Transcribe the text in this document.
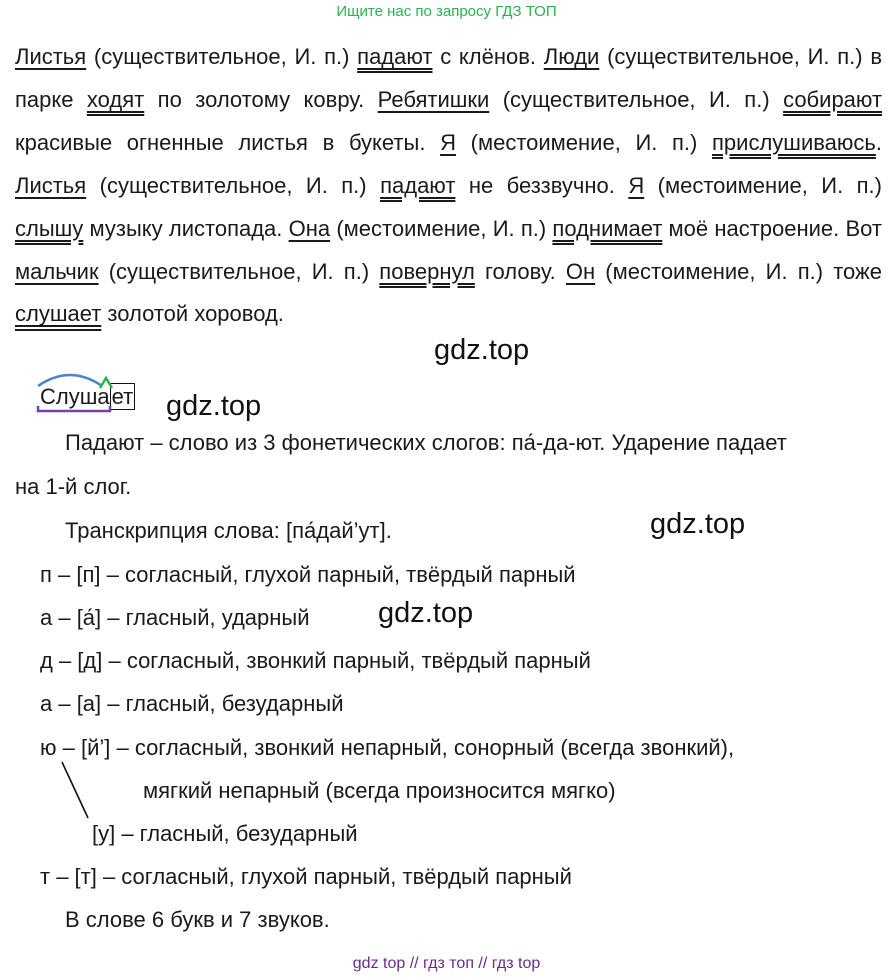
Ищите нас по запросу ГДЗ ТОП

Листья (существительное, И. п.) падают с клёнов. Люди (существительное, И. п.) в парке ходят по золотому ковру. Ребятишки (существительное, И. п.) собирают красивые огненные листья в букеты. Я (местоимение, И. п.) прислушиваюсь. Листья (существительное, И. п.) падают не беззвучно. Я (местоимение, И. п.) слышу музыку листопада. Она (местоимение, И. п.) поднимает моё настроение. Вот мальчик (существительное, И. п.) повернул голову. Он (местоимение, И. п.) тоже слушает золотой хоровод.

gdz.top
Слушает gdz.top
Падают – слово из 3 фонетических слогов: па́-да-ют. Ударение падает
на 1-й слог.
Транскрипция слова: [па́дай’ут].	gdz.top
п – [п] – согласный, глухой парный, твёрдый парный
а – [а́] – гласный, ударный gdz.top
д – [д] – согласный, звонкий парный, твёрдый парный
а – [а] – гласный, безударный
ю – [й’] – согласный, звонкий непарный, сонорный (всегда звонкий),
мягкий непарный (всегда произносится мягко)
[у] – гласный, безударный
т – [т] – согласный, глухой парный, твёрдый парный
В слове 6 букв и 7 звуков.
gdz top // гдз топ // гдз top
